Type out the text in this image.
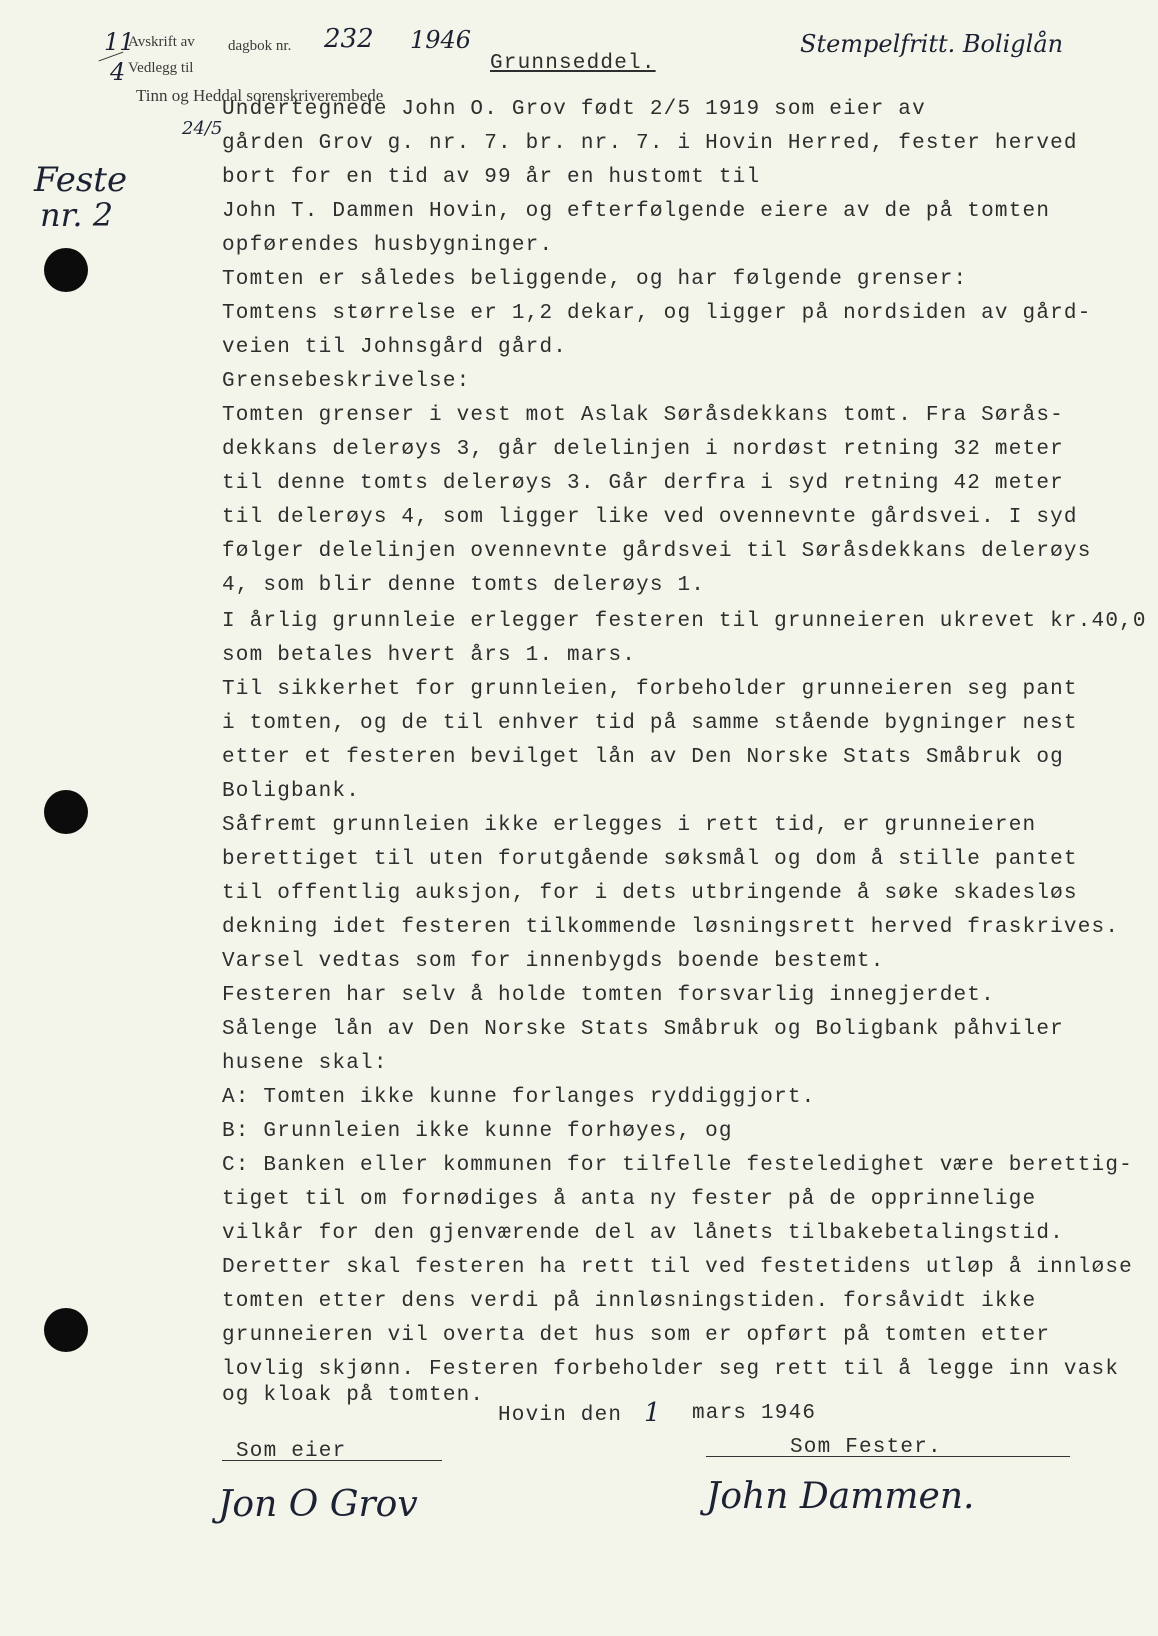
11
4
Avskrift av dagbok nr. 232 1946
Vedlegg til
Tinn og Heddal sorenskriverembede
24/5
Grunnseddel.
Stempelfritt. Boliglån
Feste
nr. 2
Undertegnede John O. Grov født 2/5 1919 som eier av
gården Grov g. nr. 7. br. nr. 7. i Hovin Herred, fester herved
bort for en tid av 99 år en hustomt til
John T. Dammen Hovin, og efterfølgende eiere av de på tomten
opførendes husbygninger.
Tomten er således beliggende, og har følgende grenser:
Tomtens størrelse er 1,2 dekar, og ligger på nordsiden av gård-
veien til Johnsgård gård.
Grensebeskrivelse:
Tomten grenser i vest mot Aslak Søråsdekkans tomt. Fra Sørås-
dekkans delerøys 3, går delelinjen i nordøst retning 32 meter
til denne tomts delerøys 3. Går derfra i syd retning 42 meter
til delerøys 4, som ligger like ved ovennevnte gårdsvei. I syd
følger delelinjen ovennevnte gårdsvei til Søråsdekkans delerøys
4, som blir denne tomts delerøys 1.
I årlig grunnleie erlegger festeren til grunneieren ukrevet kr.40,0
som betales hvert års 1. mars.
Til sikkerhet for grunnleien, forbeholder grunneieren seg pant
i tomten, og de til enhver tid på samme stående bygninger nest
etter et festeren bevilget lån av Den Norske Stats Småbruk og
Boligbank.
Såfremt grunnleien ikke erlegges i rett tid, er grunneieren
berettiget til uten forutgående søksmål og dom å stille pantet
til offentlig auksjon, for i dets utbringende å søke skadesløs
dekning idet festeren tilkommende løsningsrett herved fraskrives.
Varsel vedtas som for innenbygds boende bestemt.
Festeren har selv å holde tomten forsvarlig innegjerdet.
Sålenge lån av Den Norske Stats Småbruk og Boligbank påhviler
husene skal:
A: Tomten ikke kunne forlanges ryddiggjort.
B: Grunnleien ikke kunne forhøyes, og
C: Banken eller kommunen for tilfelle festeledighet være berettig-
tiget til om fornødiges å anta ny fester på de opprinnelige
vilkår for den gjenværende del av lånets tilbakebetalingstid.
Deretter skal festeren ha rett til ved festetidens utløp å innløse
tomten etter dens verdi på innløsningstiden. forsåvidt ikke
grunneieren vil overta det hus som er opført på tomten etter
lovlig skjønn. Festeren forbeholder seg rett til å legge inn vask
og kloak på tomten.
Hovin den 1 mars 1946
Som eier	Som Fester.
Jon O Grov	John Dammen.
